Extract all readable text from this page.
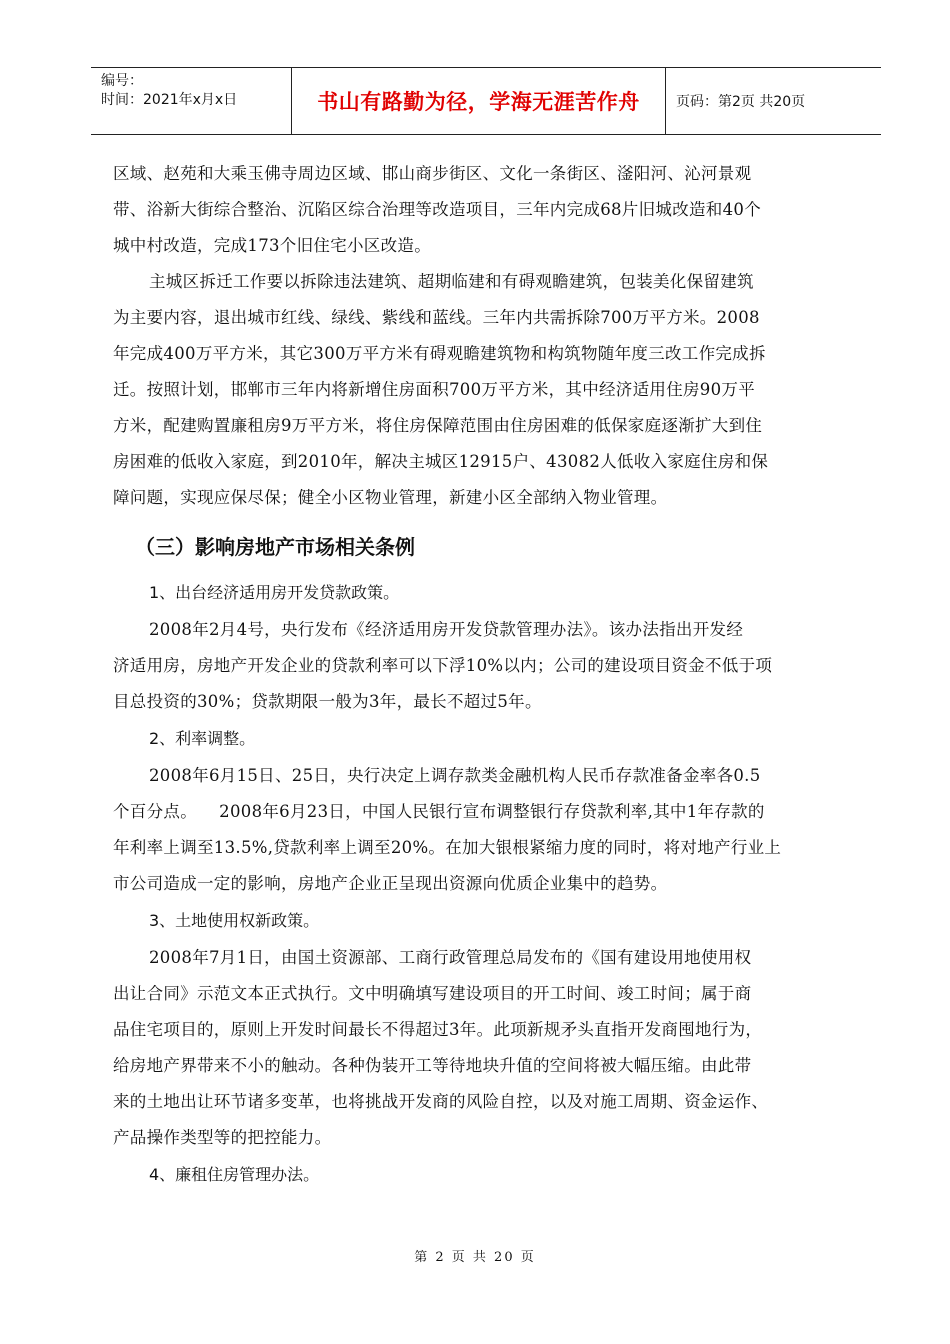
编号：
时间：2021年x月x日	书山有路勤为径，学海无涯苦作舟	页码：第2页 共20页
区域、赵苑和大乘玉佛寺周边区域、邯山商步街区、文化一条街区、滏阳河、沁河景观
带、浴新大街综合整治、沉陷区综合治理等改造项目，三年内完成68片旧城改造和40个
城中村改造，完成173个旧住宅小区改造。
主城区拆迁工作要以拆除违法建筑、超期临建和有碍观瞻建筑，包装美化保留建筑
为主要内容，退出城市红线、绿线、紫线和蓝线。三年内共需拆除700万平方米。2008
年完成400万平方米，其它300万平方米有碍观瞻建筑物和构筑物随年度三改工作完成拆
迁。按照计划，邯郸市三年内将新增住房面积700万平方米，其中经济适用住房90万平
方米，配建购置廉租房9万平方米，将住房保障范围由住房困难的低保家庭逐渐扩大到住
房困难的低收入家庭，到2010年，解决主城区12915户、43082人低收入家庭住房和保
障问题，实现应保尽保；健全小区物业管理，新建小区全部纳入物业管理。
（三）影响房地产市场相关条例
1、出台经济适用房开发贷款政策。
2008年2月4号，央行发布《经济适用房开发贷款管理办法》。该办法指出开发经
济适用房，房地产开发企业的贷款利率可以下浮10%以内；公司的建设项目资金不低于项
目总投资的30%；贷款期限一般为3年，最长不超过5年。
2、利率调整。
2008年6月15日、25日，央行决定上调存款类金融机构人民币存款准备金率各0.5
个百分点。    2008年6月23日，中国人民银行宣布调整银行存贷款利率,其中1年存款的
年利率上调至13.5%,贷款利率上调至20%。在加大银根紧缩力度的同时，将对地产行业上
市公司造成一定的影响，房地产企业正呈现出资源向优质企业集中的趋势。
3、土地使用权新政策。
2008年7月1日，由国土资源部、工商行政管理总局发布的《国有建设用地使用权
出让合同》示范文本正式执行。文中明确填写建设项目的开工时间、竣工时间；属于商
品住宅项目的，原则上开发时间最长不得超过3年。此项新规矛头直指开发商囤地行为，
给房地产界带来不小的触动。各种伪装开工等待地块升值的空间将被大幅压缩。由此带
来的土地出让环节诸多变革，也将挑战开发商的风险自控，以及对施工周期、资金运作、
产品操作类型等的把控能力。
4、廉租住房管理办法。
第 2 页 共 20 页
